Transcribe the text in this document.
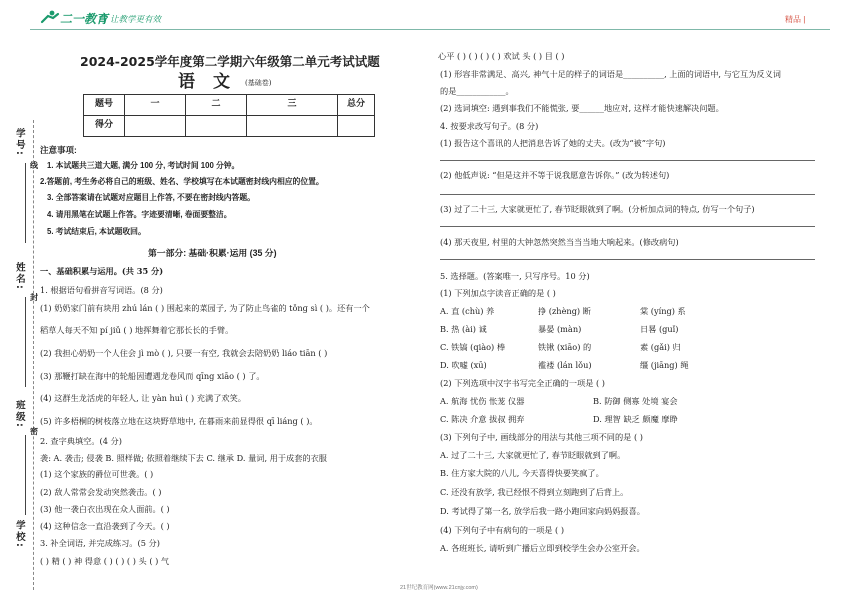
二一教育 让教学更有效	精品 |
2024-2025学年度第二学期六年级第二单元考试试题
语文
(基础卷)
题号	一	二	三	总分
得分				
学号:
姓名:
班级:
学校:
线
封
密
注意事项:
1. 本试题共三道大题, 满分 100 分, 考试时间 100 分钟。
2.答题前, 考生务必将自己的班级、姓名、学校填写在本试题密封线内相应的位置。
3. 全部答案请在试题对应题目上作答, 不要在密封线内答题。
4. 请用黑笔在试题上作答。字迹要清晰, 卷面要整洁。
5. 考试结束后, 本试题收回。
第一部分: 基础·积累·运用 (35 分)
一、基础积累与运用。(共 35 分)
1. 根据语句看拼音写词语。(8 分)
(1) 奶奶家门前有块用 zhú lán ( ) 围起来的菜园子, 为了防止鸟雀的 tǒnɡ sì ( )。还有一个
稻草人每天不知 pí jiǔ ( ) 地挥舞着它那长长的手臂。
(2) 我担心奶奶一个人住会 jì mò ( ), 只要一有空, 我就会去陪奶奶 liáo tiān ( )
(3) 那鞭打缺在海中的轮船因遭遇龙卷风而 qīng xiāo ( ) 了。
(4) 这群生龙活虎的年轻人, 让 yàn huì ( ) 充满了欢笑。
(5) 许多梧桐的树枝落立地在这块野草地中, 在暮雨来前显得很 qī liáng ( )。
2. 查字典填空。(4 分)
袭: A. 袭击; 侵袭 B. 照样做; 依照着继续下去 C. 继承 D. 量词, 用于成套的衣服
(1) 这个家族的爵位可世袭。( )
(2) 敌人常常会发动突然袭击。( )
(3) 他一袭白衣出现在众人面前。( )
(4) 这种信念一直沿袭到了今天。( )
3. 补全词语, 并完成练习。(5 分)
( ) 精 ( ) 神 得意 ( ) ( ) ( ) 头 ( ) 气
心平 ( ) ( ) ( ) ( ) 欢试 头 ( ) 目 ( )
(1) 形容非常满足、高兴, 神气十足的样子的词语是__________, 上面的词语中, 与它互为反义词
的是____________。
(2) 选词填空: 遇到事我们不能慌张, 要______地应对, 这样才能快速解决问题。
4. 按要求改写句子。(8 分)
(1) 报告这个喜讯的人把消息告诉了她的丈夫。(改为“被”字句)
(2) 他低声说: “但是这并不等于说我愿意告诉你。” (改为转述句)
(3) 过了二十三, 大家就更忙了, 春节眨眼就到了啊。(分析加点词的特点, 仿写一个句子)
(4) 那天夜里, 村里的大钟忽然突然当当当地大响起来。(修改病句)
5. 选择题。(答案唯一, 只写序号。10 分)
(1) 下列加点字读音正确的是 ( )
A. 直 (chù) 养	挣 (zhèng) 断	棠 (yíng) 系
B. 热 (ài) 诚	暴晏 (màn)	日晷 (guǐ)
C. 铁镐 (qiào) 棒	铁锹 (xiāo) 的	素 (gǎi) 归
D. 吹嘘 (xū)	褴褛 (lán lǒu)	缰 (jiāng) 绳
(2) 下列选项中汉字书写完全正确的一项是 ( )
A. 航海 忧伤 怅茏 仪器	B. 防御 侧寡 处境 宴会
C. 陈决 介意 拔叔 拥弃	D. 理智 缺乏 颇魔 摩睁
(3) 下列句子中, 画线部分的用法与其他三项不同的是 ( )
A. 过了二十三, 大家就更忙了, 春节眨眼就到了啊。
B. 住方家大院的八儿, 今天喜得快要笑疯了。
C. 还没有放学, 我已经恨不得到立刻跑到了后背上。
D. 考试得了第一名, 放学后我一路小跑回家向妈妈报喜。
(4) 下列句子中有病句的一项是 ( )
A. 各班班长, 请听到广播后立即到校学生会办公室开会。
21世纪教育网(www.21cnjy.com)
